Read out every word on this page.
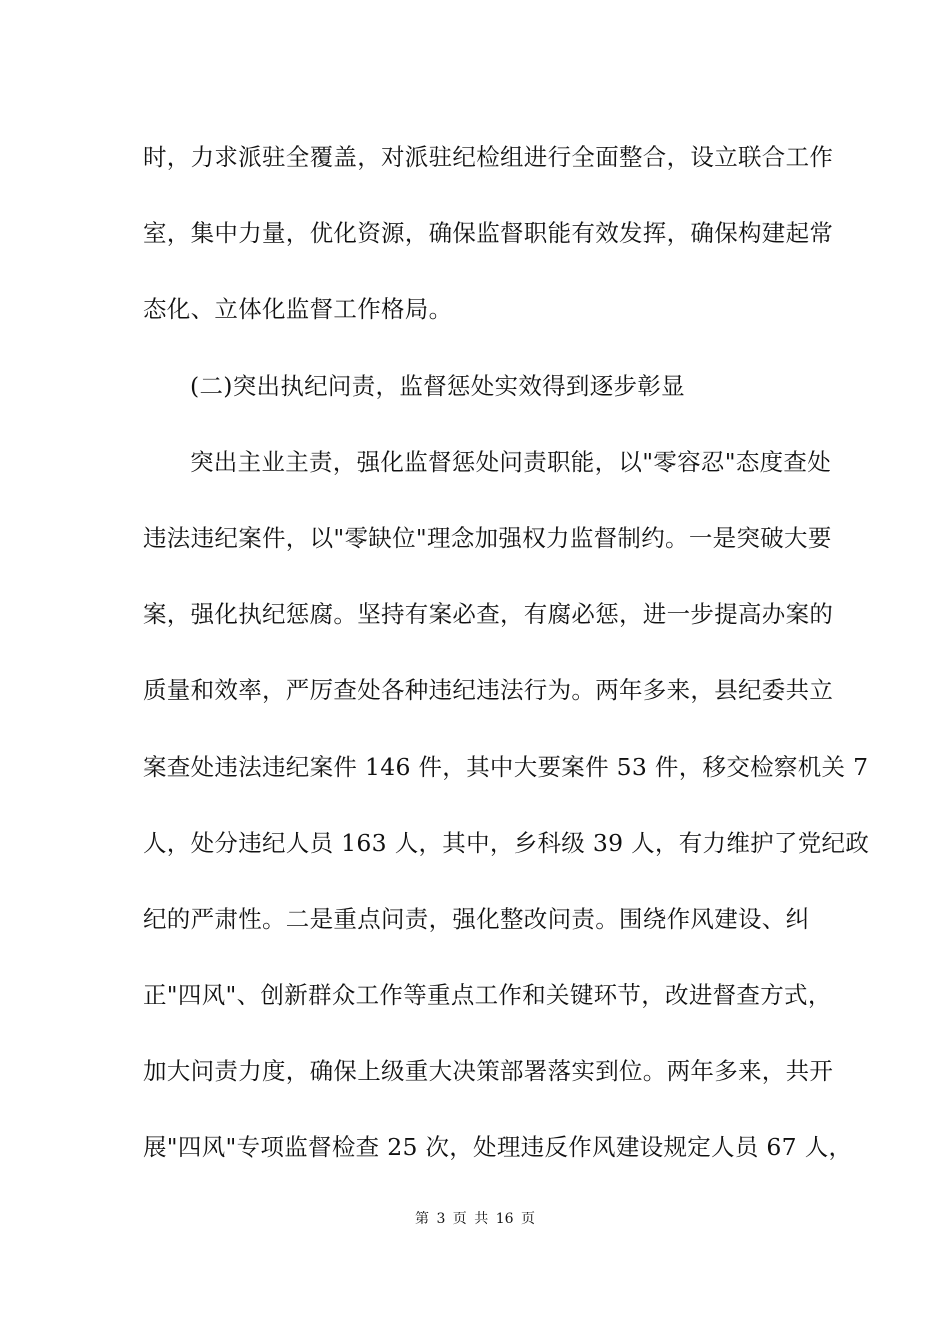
时，力求派驻全覆盖，对派驻纪检组进行全面整合，设立联合工作
室，集中力量，优化资源，确保监督职能有效发挥，确保构建起常
态化、立体化监督工作格局。
(二)突出执纪问责，监督惩处实效得到逐步彰显
突出主业主责，强化监督惩处问责职能，以"零容忍"态度查处
违法违纪案件，以"零缺位"理念加强权力监督制约。一是突破大要
案，强化执纪惩腐。坚持有案必查，有腐必惩，进一步提高办案的
质量和效率，严厉查处各种违纪违法行为。两年多来，县纪委共立
案查处违法违纪案件 146 件，其中大要案件 53 件，移交检察机关 7
人，处分违纪人员 163 人，其中，乡科级 39 人，有力维护了党纪政
纪的严肃性。二是重点问责，强化整改问责。围绕作风建设、纠
正"四风"、创新群众工作等重点工作和关键环节，改进督查方式，
加大问责力度，确保上级重大决策部署落实到位。两年多来，共开
展"四风"专项监督检查 25 次，处理违反作风建设规定人员 67 人，
第 3 页 共 16 页
